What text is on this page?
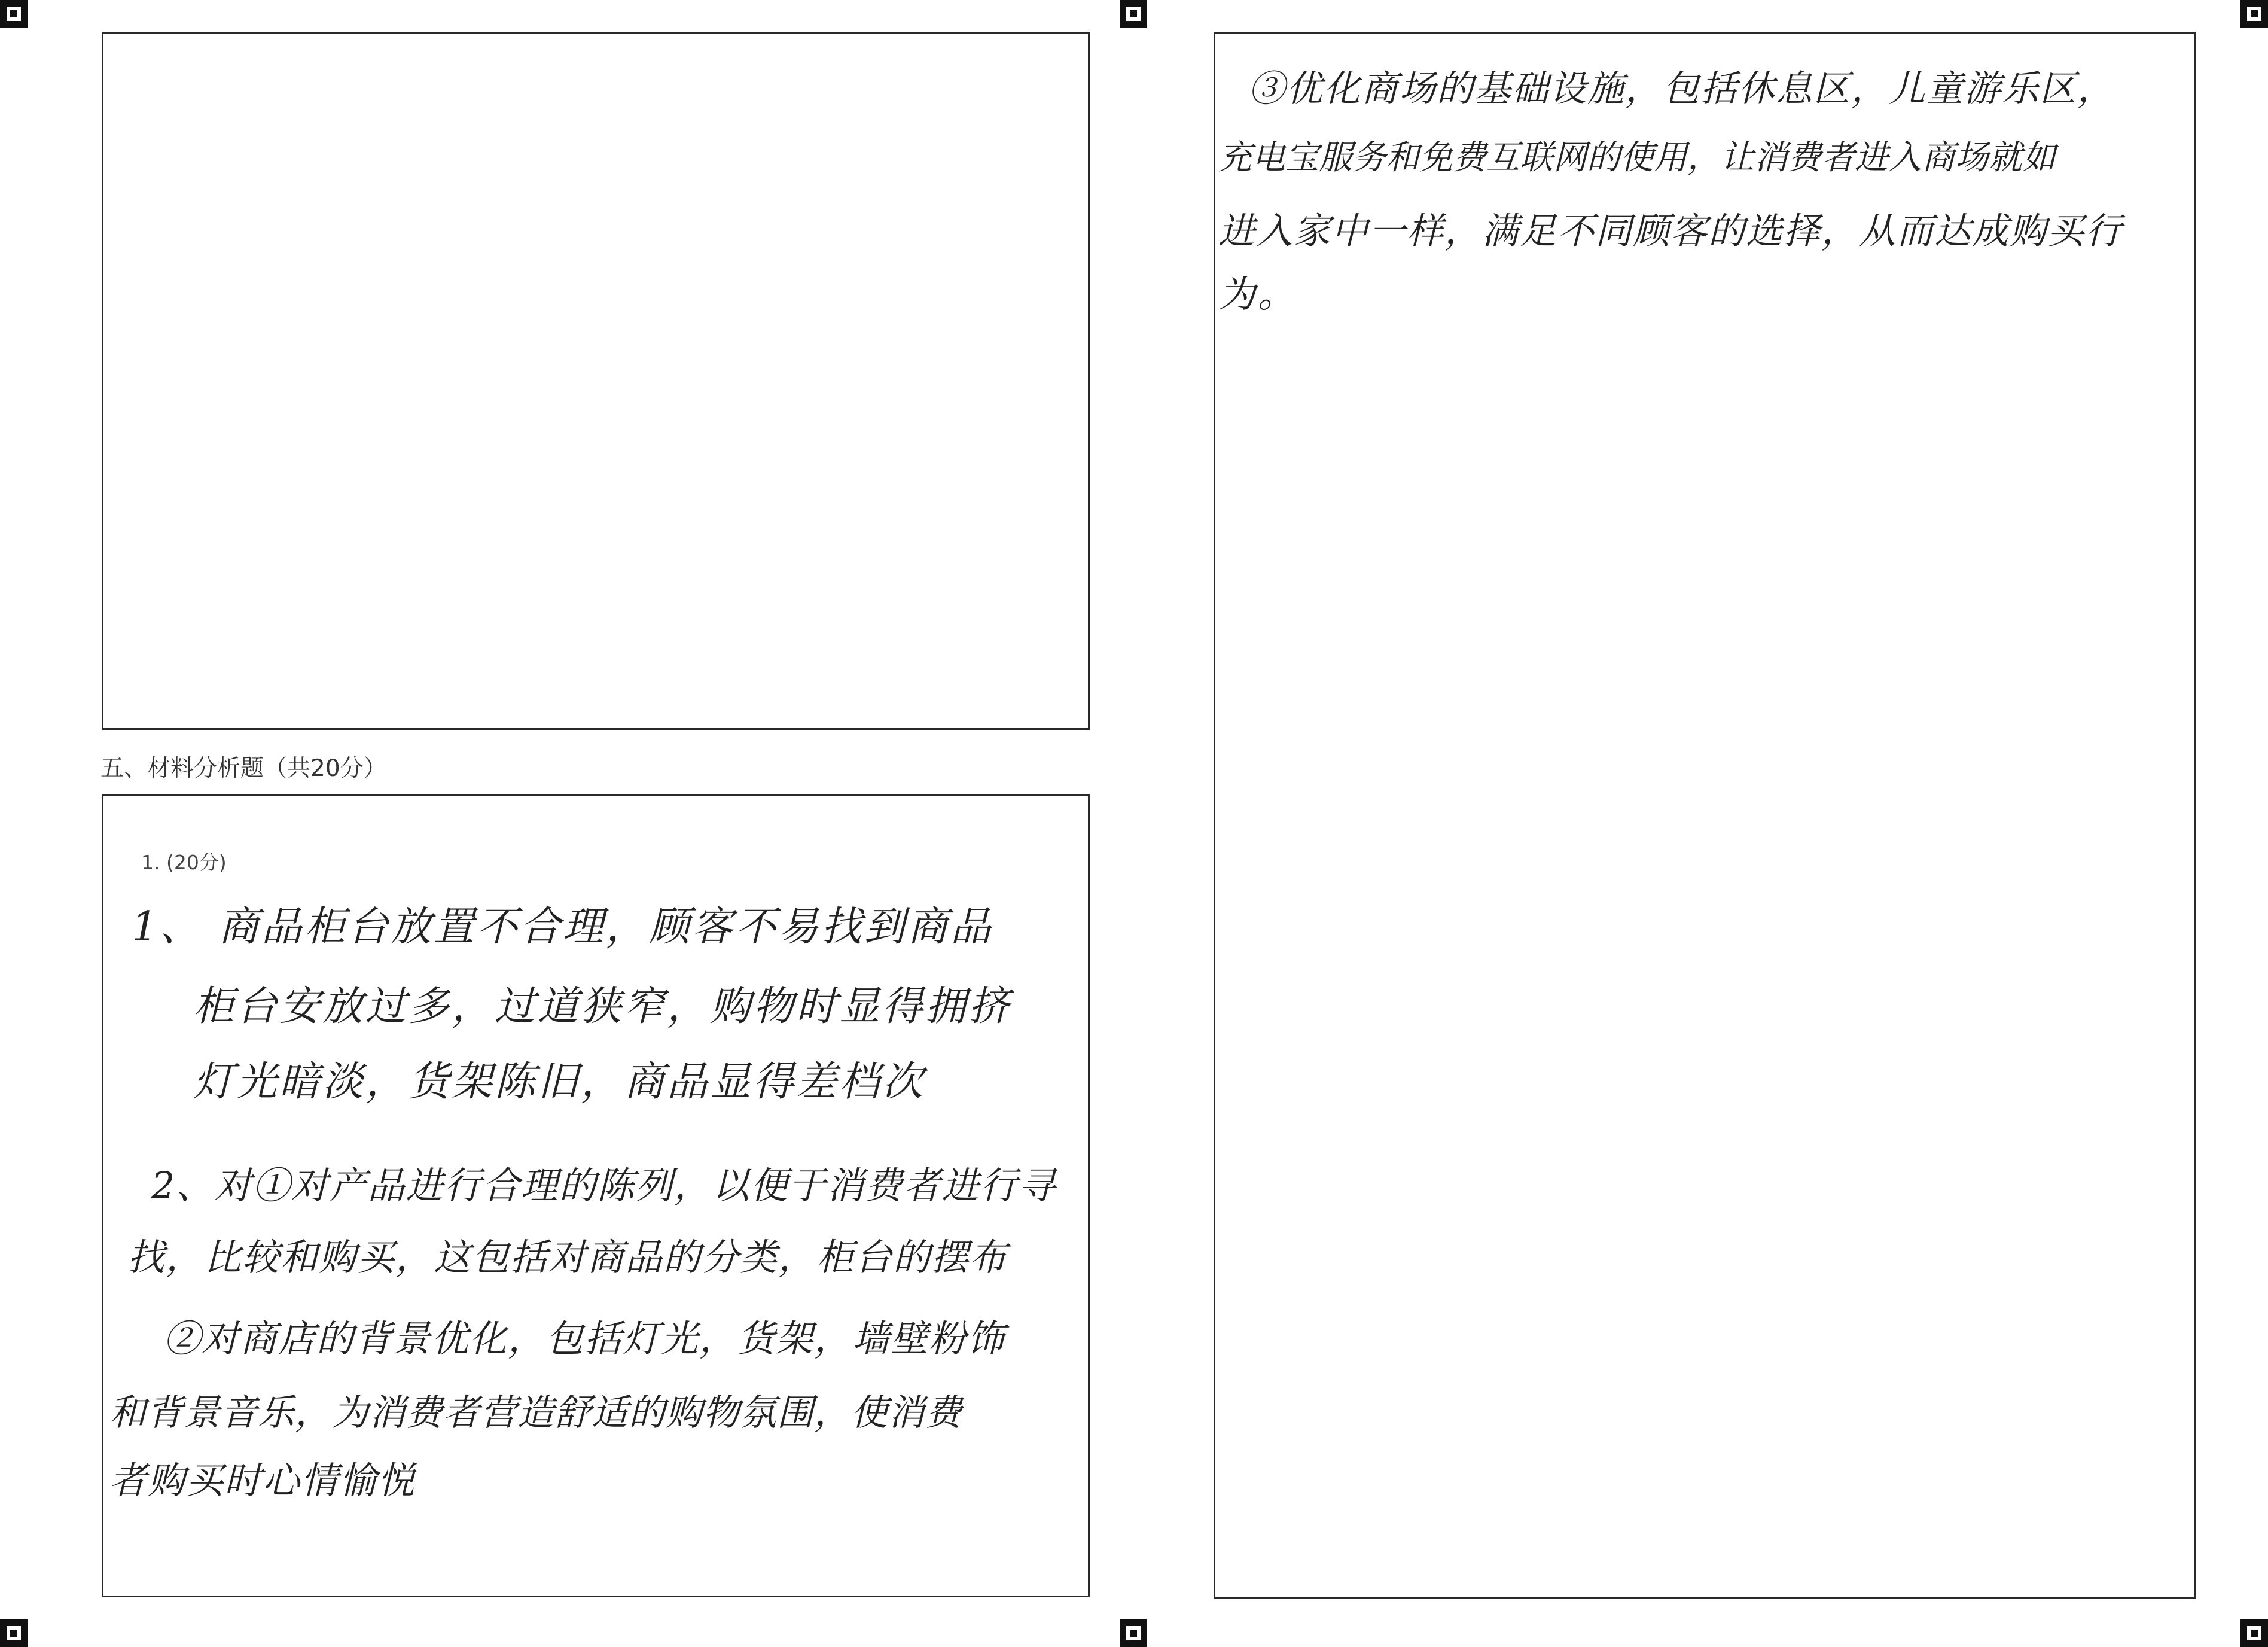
五、材料分析题（共20分）
1. (20分)
1、 商品柜台放置不合理，顾客不易找到商品
柜台安放过多，过道狭窄，购物时显得拥挤
灯光暗淡，货架陈旧，商品显得差档次
2、对①对产品进行合理的陈列，以便于消费者进行寻
找，比较和购买，这包括对商品的分类，柜台的摆布
②对商店的背景优化，包括灯光，货架，墙壁粉饰
和背景音乐，为消费者营造舒适的购物氛围，使消费
者购买时心情愉悦
③优化商场的基础设施，包括休息区，儿童游乐区，
充电宝服务和免费互联网的使用，让消费者进入商场就如
进入家中一样，满足不同顾客的选择，从而达成购买行
为。
